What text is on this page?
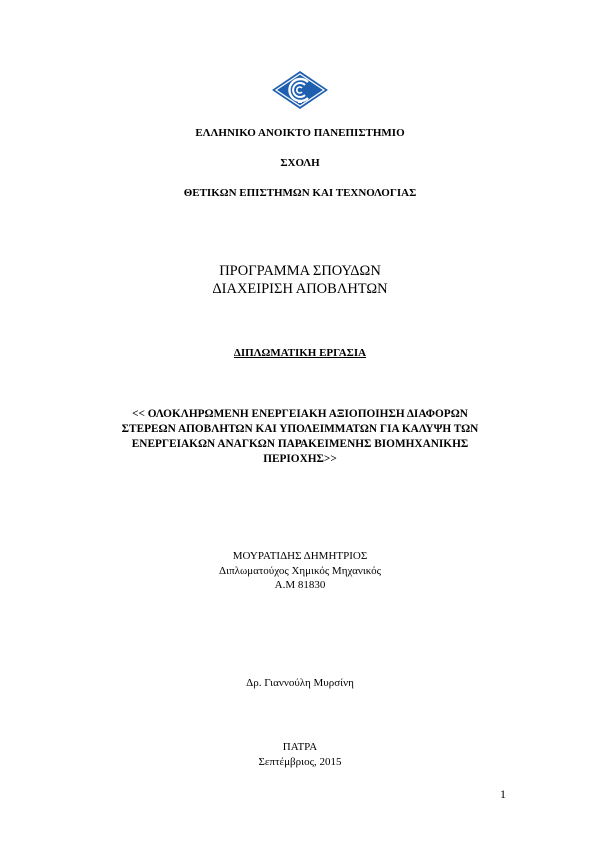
ΕΛΛΗΝΙΚΟ ΑΝΟΙΚΤΟ ΠΑΝΕΠΙΣΤΗΜΙΟ
ΣΧΟΛΗ
ΘΕΤΙΚΩΝ ΕΠΙΣΤΗΜΩΝ ΚΑΙ ΤΕΧΝΟΛΟΓΙΑΣ
ΠΡΟΓΡΑΜΜΑ ΣΠΟΥΔΩΝ
ΔΙΑΧΕΙΡΙΣΗ ΑΠΟΒΛΗΤΩΝ
ΔΙΠΛΩΜΑΤΙΚΗ ΕΡΓΑΣΙΑ
<< ΟΛΟΚΛΗΡΩΜΕΝΗ ΕΝΕΡΓΕΙΑΚΗ ΑΞΙΟΠΟΙΗΣΗ ΔΙΑΦΟΡΩΝ
ΣΤΕΡΕΩΝ ΑΠΟΒΛΗΤΩΝ ΚΑΙ ΥΠΟΛΕΙΜΜΑΤΩΝ ΓΙΑ ΚΑΛΥΨΗ ΤΩΝ
ΕΝΕΡΓΕΙΑΚΩΝ ΑΝΑΓΚΩΝ ΠΑΡΑΚΕΙΜΕΝΗΣ ΒΙΟΜΗΧΑΝΙΚΗΣ
ΠΕΡΙΟΧΗΣ>>
ΜΟΥΡΑΤΙΔΗΣ ΔΗΜΗΤΡΙΟΣ
Διπλωματούχος Χημικός Μηχανικός
Α.Μ 81830
Δρ. Γιαννούλη Μυρσίνη
ΠΑΤΡΑ
Σεπτέμβριος, 2015
1
